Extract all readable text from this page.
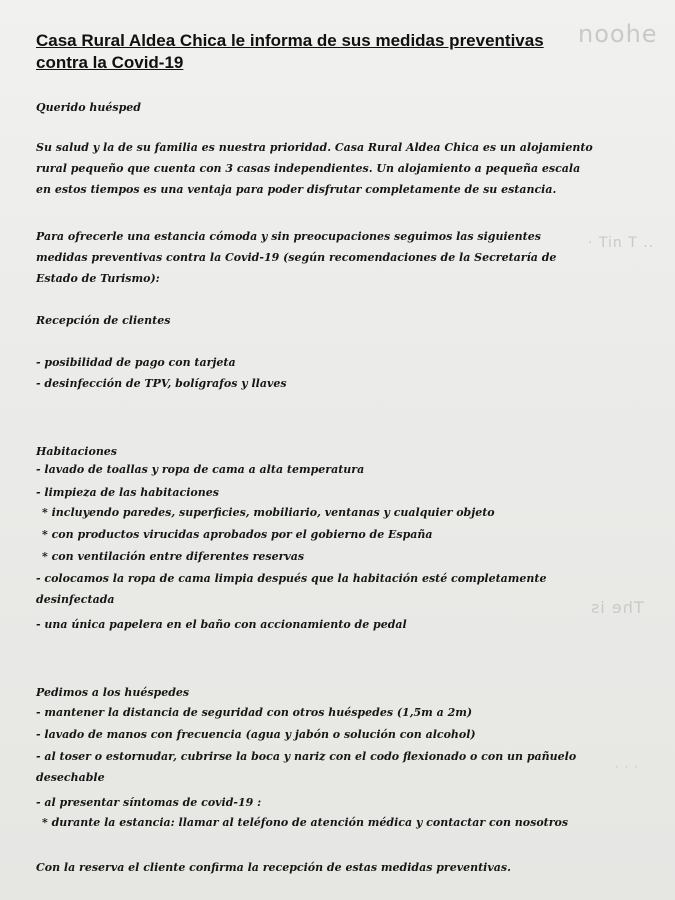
noohe
· Tin T ..
The is
· · ·
Casa Rural Aldea Chica le informa de sus medidas preventivas contra la Covid-19
Querido huésped
Su salud y la de su familia es nuestra prioridad. Casa Rural Aldea Chica es un alojamiento rural pequeño que cuenta con 3 casas independientes. Un alojamiento a pequeña escala en estos tiempos es una ventaja para poder disfrutar completamente de su estancia.
Para ofrecerle una estancia cómoda y sin preocupaciones seguimos las siguientes medidas preventivas contra la Covid-19 (según recomendaciones de la Secretaría de Estado de Turismo):
Recepción de clientes
- posibilidad de pago con tarjeta
- desinfección de TPV, bolígrafos y llaves
Habitaciones
- lavado de toallas y ropa de cama a alta temperatura
- limpieza de las habitaciones
* incluyendo paredes, superficies, mobiliario, ventanas y cualquier objeto
* con productos viruсidas aprobados por el gobierno de España
* con ventilación entre diferentes reservas
- colocamos la ropa de cama limpia después que la habitación esté completamente desinfectada
- una única papelera en el baño con accionamiento de pedal
Pedimos a los huéspedes
- mantener la distancia de seguridad con otros huéspedes (1,5m a 2m)
- lavado de manos con frecuencia (agua y jabón o solución con alcohol)
- al toser o estornudar, cubrirse la boca y nariz con el codo flexionado o con un pañuelo desechable
- al presentar síntomas de covid-19 :
* durante la estancia: llamar al teléfono de atención médica y contactar con nosotros
Con la reserva el cliente confirma la recepción de estas medidas preventivas.
